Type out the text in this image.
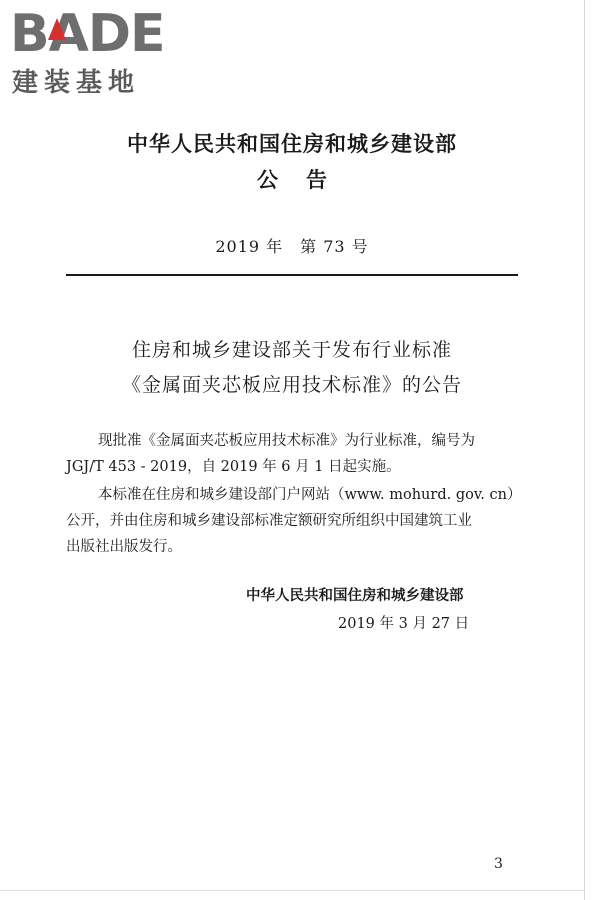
BADE
建装基地
中华人民共和国住房和城乡建设部
公告
2019 年　第 73 号
住房和城乡建设部关于发布行业标准
《金属面夹芯板应用技术标准》的公告
现批准《金属面夹芯板应用技术标准》为行业标准，编号为
JGJ/T 453 - 2019，自 2019 年 6 月 1 日起实施。
本标准在住房和城乡建设部门户网站（www. mohurd. gov. cn）
公开，并由住房和城乡建设部标准定额研究所组织中国建筑工业
出版社出版发行。
中华人民共和国住房和城乡建设部
2019 年 3 月 27 日
3
